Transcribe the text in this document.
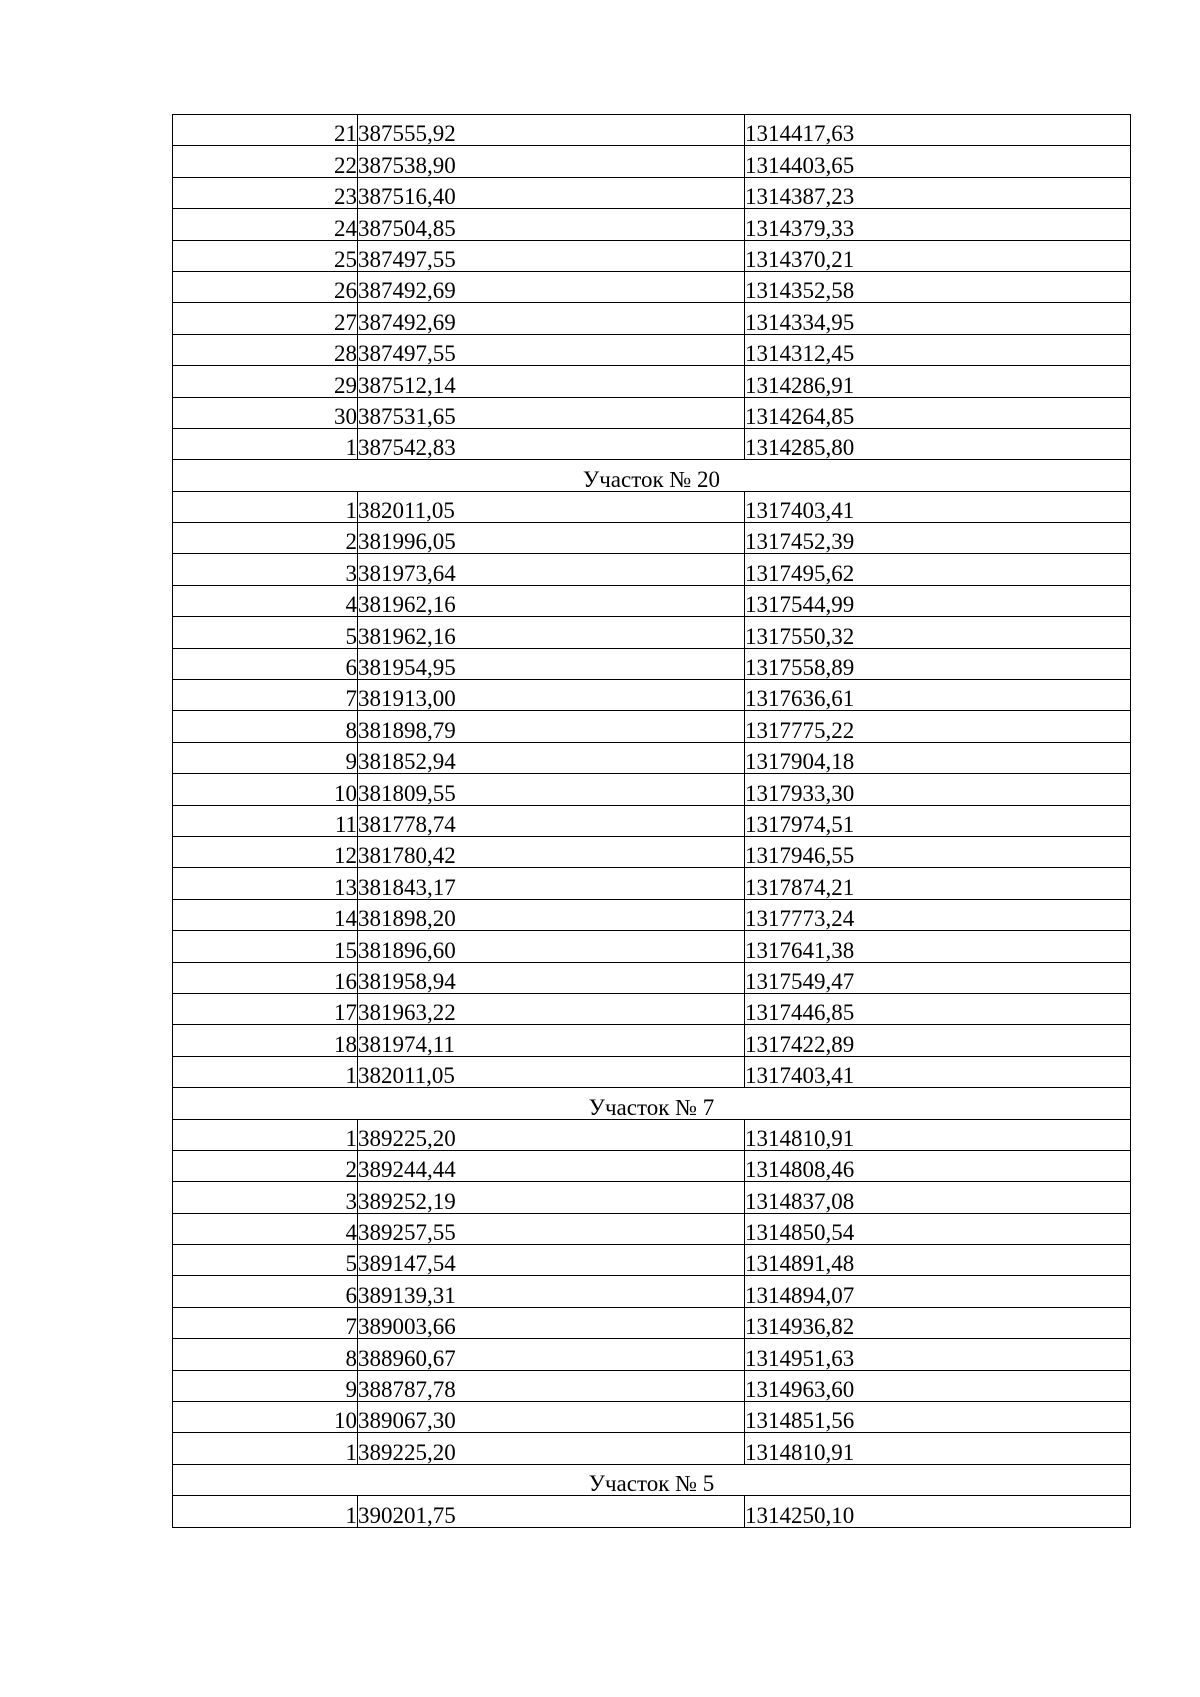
21	387555,92	1314417,63
22	387538,90	1314403,65
23	387516,40	1314387,23
24	387504,85	1314379,33
25	387497,55	1314370,21
26	387492,69	1314352,58
27	387492,69	1314334,95
28	387497,55	1314312,45
29	387512,14	1314286,91
30	387531,65	1314264,85
1	387542,83	1314285,80
Участок № 20		
1	382011,05	1317403,41
2	381996,05	1317452,39
3	381973,64	1317495,62
4	381962,16	1317544,99
5	381962,16	1317550,32
6	381954,95	1317558,89
7	381913,00	1317636,61
8	381898,79	1317775,22
9	381852,94	1317904,18
10	381809,55	1317933,30
11	381778,74	1317974,51
12	381780,42	1317946,55
13	381843,17	1317874,21
14	381898,20	1317773,24
15	381896,60	1317641,38
16	381958,94	1317549,47
17	381963,22	1317446,85
18	381974,11	1317422,89
1	382011,05	1317403,41
Участок № 7		
1	389225,20	1314810,91
2	389244,44	1314808,46
3	389252,19	1314837,08
4	389257,55	1314850,54
5	389147,54	1314891,48
6	389139,31	1314894,07
7	389003,66	1314936,82
8	388960,67	1314951,63
9	388787,78	1314963,60
10	389067,30	1314851,56
1	389225,20	1314810,91
Участок № 5		
1	390201,75	1314250,10
